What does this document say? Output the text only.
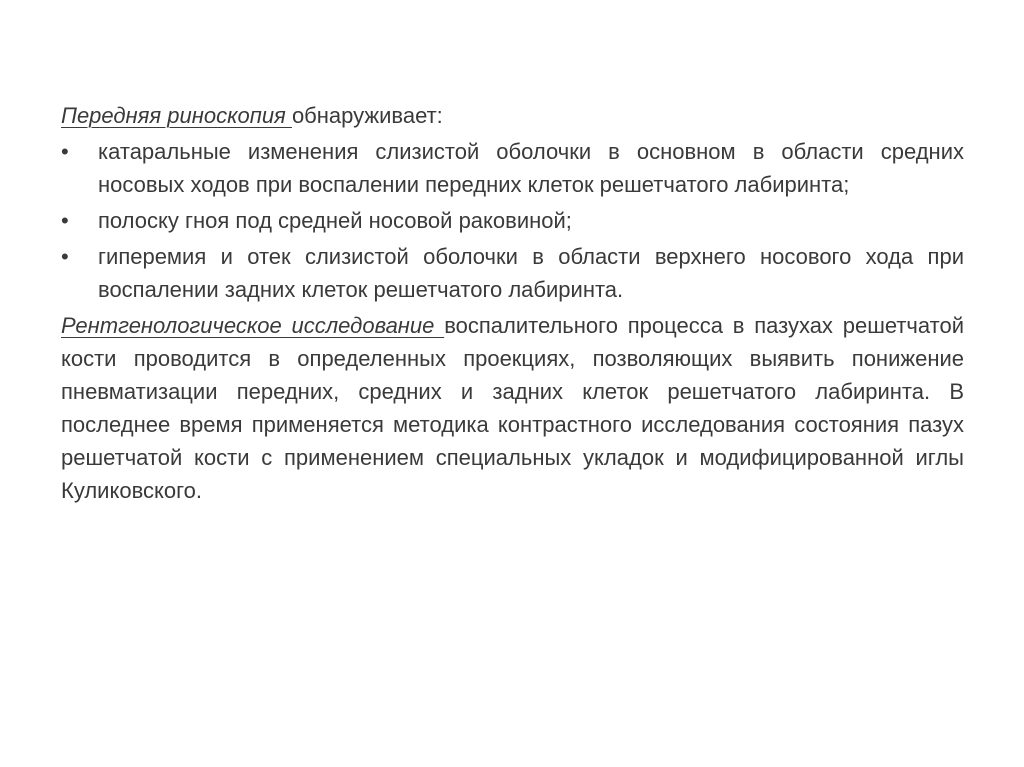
Передняя риноскопия обнаруживает:

•	катаральные изменения слизистой оболочки в основном в области средних носовых ходов при воспалении передних клеток решетчатого лабиринта;
•	полоску гноя под средней носовой раковиной;
•	гиперемия и отек слизистой оболочки в области верхнего носового хода при воспалении задних клеток решетчатого лабиринта.

Рентгенологическое исследование воспалительного процесса в пазухах решетчатой кости проводится в определенных проекциях, позволяющих выявить понижение пневматизации передних, средних и задних клеток решетчатого лабиринта. В последнее время применяется методика контрастного исследования состояния пазух решетчатой кости с применением специальных укладок и модифицированной иглы Куликовского.
